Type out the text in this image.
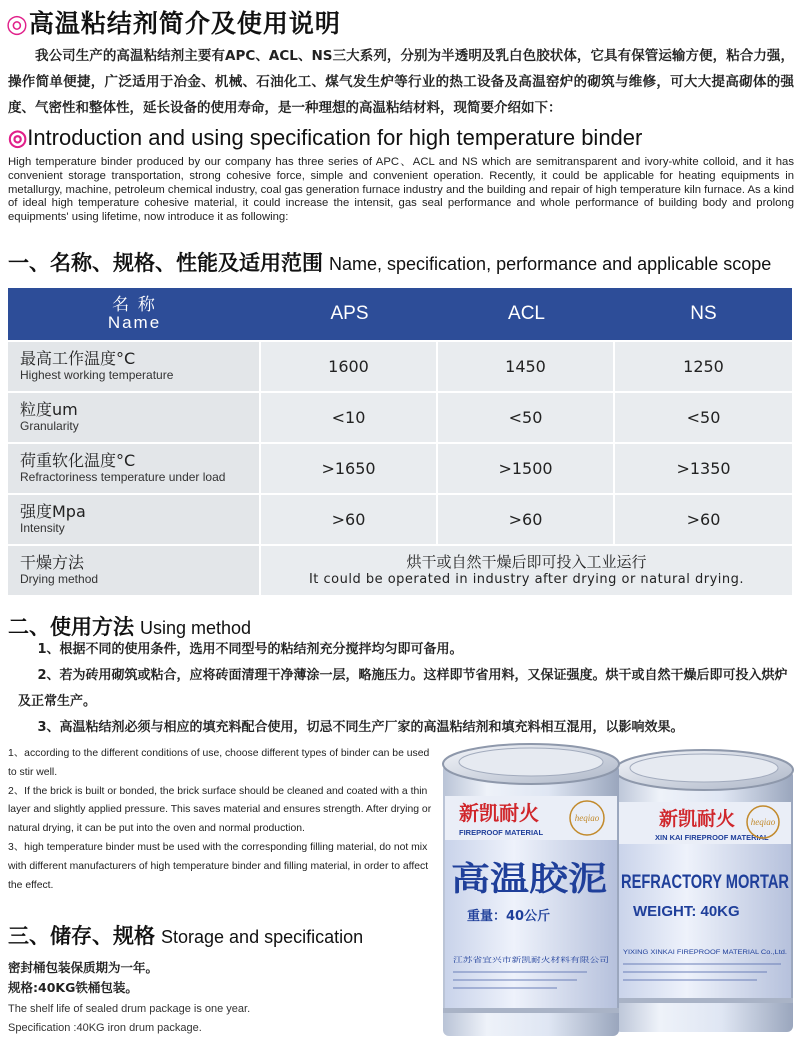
◎高温粘结剂简介及使用说明
我公司生产的高温粘结剂主要有APC、ACL、NS三大系列，分别为半透明及乳白色胶状体，它具有保管运输方便，粘合力强，操作简单便捷，广泛适用于冶金、机械、石油化工、煤气发生炉等行业的热工设备及高温窑炉的砌筑与维修，可大大提高砌体的强度、气密性和整体性，延长设备的使用寿命，是一种理想的高温粘结材料，现简要介绍如下：
◎Introduction and using specification for high temperature binder
High temperature binder produced by our company has three series of APC、ACL and NS which are semitransparent and ivory-white colloid, and it has convenient storage transportation, strong cohesive force, simple and convenient operation. Recently, it could be applicable for heating equipments in metallurgy, machine, petroleum chemical industry, coal gas generation furnace industry and the building and repair of high temperature kiln furnace. As a kind of ideal high temperature cohesive material, it could increase the intensit, gas seal performance and whole performance of building body and prolong equipments' using lifetime, now introduce it as following:
一、名称、规格、性能及适用范围 Name, specification, performance and applicable scope
名 称
Name	APS	ACL	NS

最高工作温度°C
Highest working temperature	1600	1450	1250

粒度um
Granularity	<10	<50	<50

荷重软化温度°C
Refractoriness temperature under load	>1650	>1500	>1350

强度Mpa
Intensity	>60	>60	>60

干燥方法
Drying method	烘干或自然干燥后即可投入工业运行
It could be operated in industry after drying or natural drying.		
二、使用方法 Using method

1、根据不同的使用条件，选用不同型号的粘结剂充分搅拌均匀即可备用。

2、若为砖用砌筑或粘合，应将砖面清理干净薄涂一层，略施压力。这样即节省用料，又保证强度。烘干或自然干燥后即可投入烘炉及正常生产。

3、高温粘结剂必须与相应的填充料配合使用，切忌不同生产厂家的高温粘结剂和填充料相互混用，以影响效果。

1、according to the different conditions of use, choose different types of binder can be used to stir well.

2、If the brick is built or bonded, the brick surface should be cleaned and coated with a thin layer and slightly applied pressure. This saves material and ensures strength. After drying or natural drying, it can be put into the oven and normal production.

3、high temperature binder must be used with the corresponding filling material, do not mix with different manufacturers of high temperature binder and filling material, in order to affect the effect.

三、储存、规格 Storage and specification
密封桶包装保质期为一年。
规格:40KG铁桶包装。
The shelf life of sealed drum package is one year.
Specification :40KG iron drum package.
新凯耐火
XIN KAI FIREPROOF MATERIAL
heqiao
REFRACTORY MORTAR
WEIGHT: 40KG
YIXING XINKAI FIREPROOF MATERIAL Co.,Ltd.
新凯耐火
FIREPROOF MATERIAL
heqiao
高温胶泥
重量：40公斤
江苏省宜兴市新凯耐火材料有限公司
